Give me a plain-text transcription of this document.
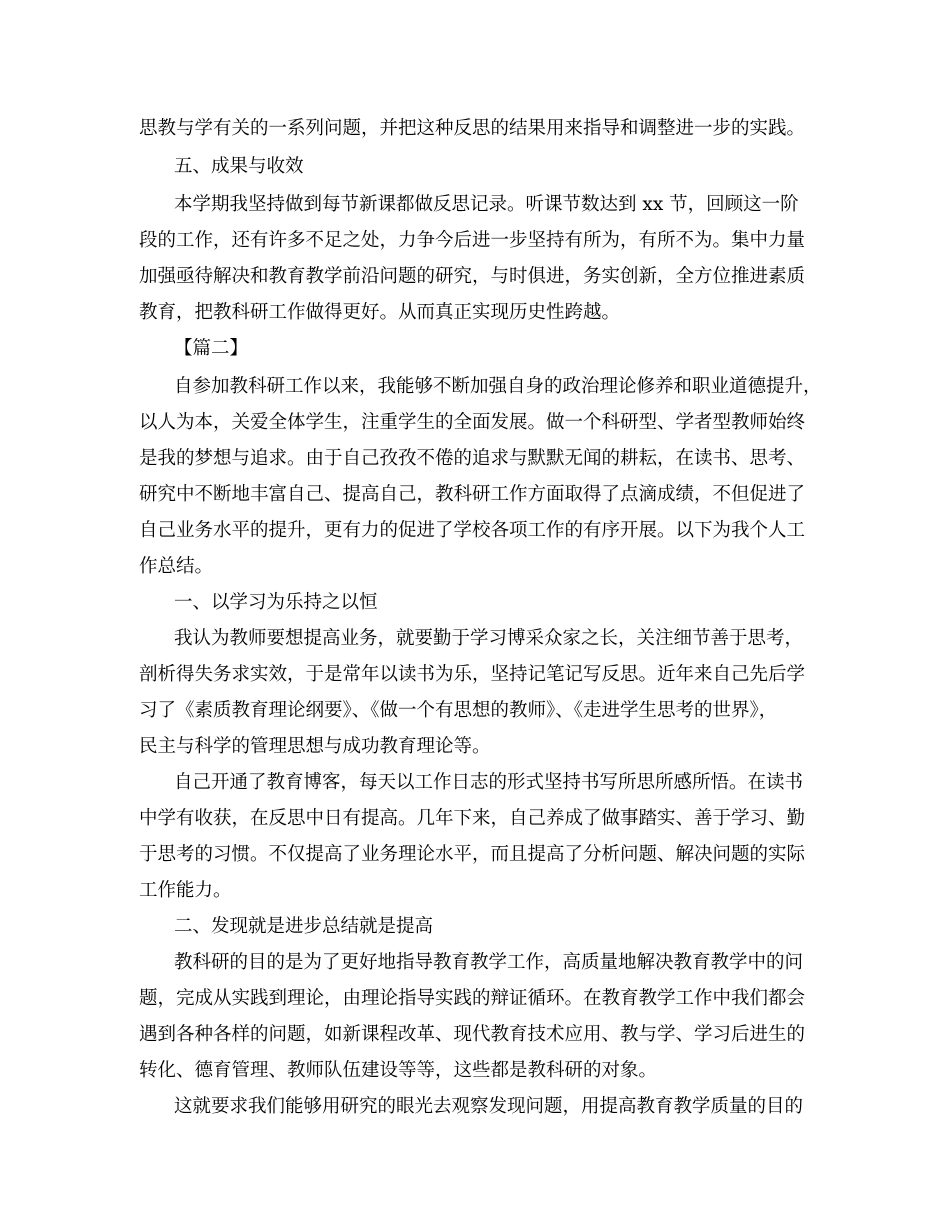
思教与学有关的一系列问题，并把这种反思的结果用来指导和调整进一步的实践。
五、成果与收效
本学期我坚持做到每节新课都做反思记录。听课节数达到 xx 节，回顾这一阶
段的工作，还有许多不足之处，力争今后进一步坚持有所为，有所不为。集中力量
加强亟待解决和教育教学前沿问题的研究，与时俱进，务实创新，全方位推进素质
教育，把教科研工作做得更好。从而真正实现历史性跨越。
【篇二】
自参加教科研工作以来，我能够不断加强自身的政治理论修养和职业道德提升，
以人为本，关爱全体学生，注重学生的全面发展。做一个科研型、学者型教师始终
是我的梦想与追求。由于自己孜孜不倦的追求与默默无闻的耕耘，在读书、思考、
研究中不断地丰富自己、提高自己，教科研工作方面取得了点滴成绩，不但促进了
自己业务水平的提升，更有力的促进了学校各项工作的有序开展。以下为我个人工
作总结。
一、以学习为乐持之以恒
我认为教师要想提高业务，就要勤于学习博采众家之长，关注细节善于思考，
剖析得失务求实效，于是常年以读书为乐，坚持记笔记写反思。近年来自己先后学
习了《素质教育理论纲要》、《做一个有思想的教师》、《走进学生思考的世界》，
民主与科学的管理思想与成功教育理论等。
自己开通了教育博客，每天以工作日志的形式坚持书写所思所感所悟。在读书
中学有收获，在反思中日有提高。几年下来，自己养成了做事踏实、善于学习、勤
于思考的习惯。不仅提高了业务理论水平，而且提高了分析问题、解决问题的实际
工作能力。
二、发现就是进步总结就是提高
教科研的目的是为了更好地指导教育教学工作，高质量地解决教育教学中的问
题，完成从实践到理论，由理论指导实践的辩证循环。在教育教学工作中我们都会
遇到各种各样的问题，如新课程改革、现代教育技术应用、教与学、学习后进生的
转化、德育管理、教师队伍建设等等，这些都是教科研的对象。
这就要求我们能够用研究的眼光去观察发现问题，用提高教育教学质量的目的
